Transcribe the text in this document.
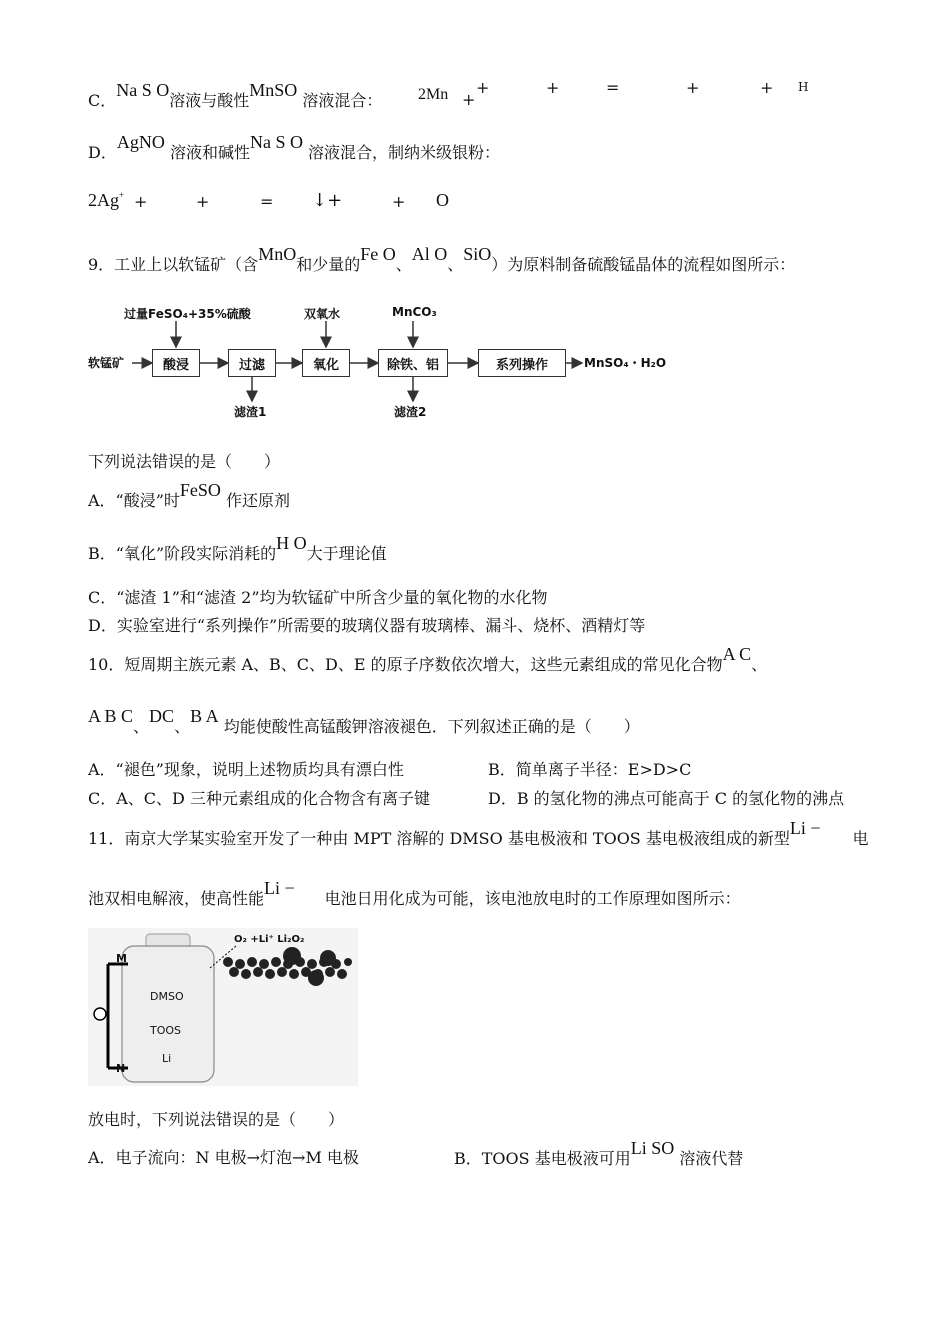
C．Na S O溶液与酸性MnSO 溶液混合： 2Mn +
+	+	=	+	+ H
D．AgNO 溶液和碱性Na S O 溶液混合，制纳米级银粉：
2Ag+ +	+	= ↓+	+ O
9．工业上以软锰矿（含MnO和少量的Fe O、Al O、SiO）为原料制备硫酸锰晶体的流程如图所示：
软锰矿	酸浸	过滤	氧化	除铁、铝	系列操作	MnSO₄・H₂O
过量FeSO₄+35%硫酸	双氧水	MnCO₃
滤渣1	滤渣2
下列说法错误的是（　　）
A．“酸浸”时FeSO 作还原剂
B．“氧化”阶段实际消耗的H O大于理论值
C．“滤渣 1”和“滤渣 2”均为软锰矿中所含少量的氧化物的水化物
D．实验室进行“系列操作”所需要的玻璃仪器有玻璃棒、漏斗、烧杯、酒精灯等
10．短周期主族元素 A、B、C、D、E 的原子序数依次增大，这些元素组成的常见化合物A C、
A B C、DC、B A 均能使酸性高锰酸钾溶液褪色．下列叙述正确的是（　　）
A．“褪色”现象，说明上述物质均具有漂白性	B．简单离子半径：E>D>C
C．A、C、D 三种元素组成的化合物含有离子键	D．B 的氢化物的沸点可能高于 C 的氢化物的沸点
11．南京大学某实验室开发了一种由 MPT 溶解的 DMSO 基电极液和 TOOS 基电极液组成的新型Li −电
池双相电解液，使高性能Li −电池日用化成为可能，该电池放电时的工作原理如图所示：
M
N
DMSO
TOOS
Li
O₂ +Li⁺ Li₂O₂
放电时，下列说法错误的是（　　）
A．电子流向：N 电极→灯泡→M 电极	B．TOOS 基电极液可用Li SO 溶液代替
